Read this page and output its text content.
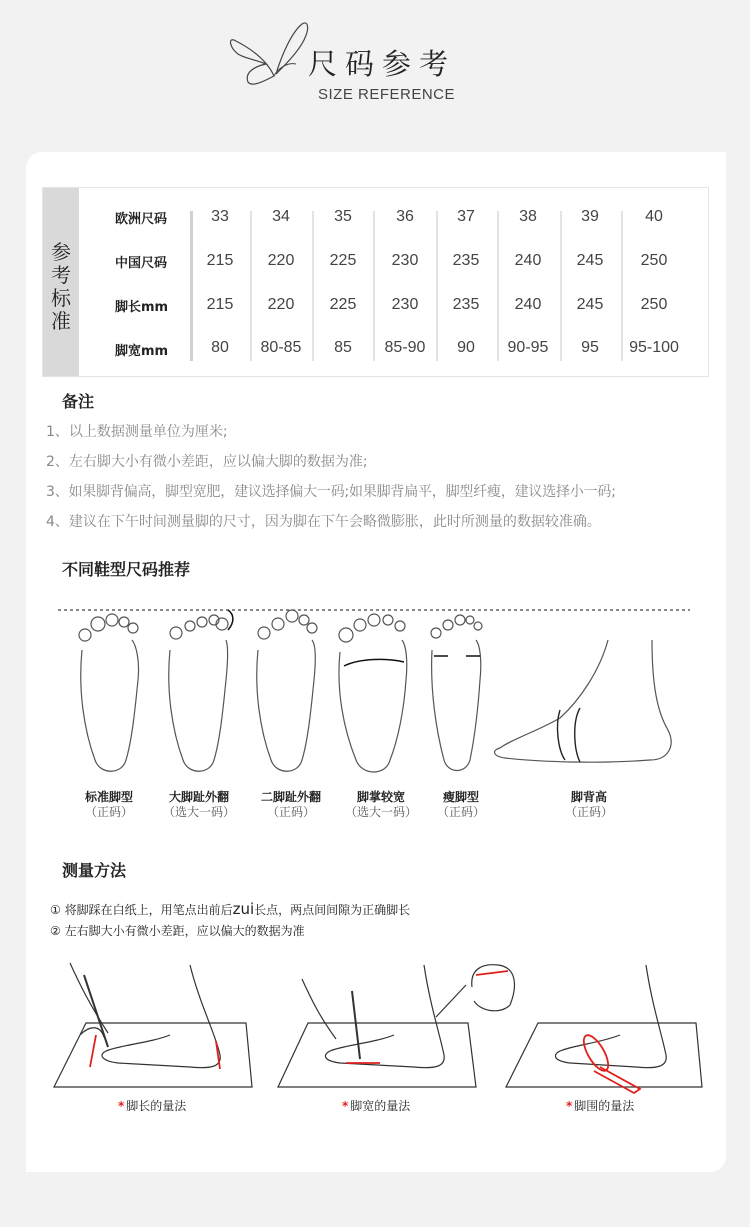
尺码参考
SIZE REFERENCE
参
考
标
准
欧洲尺码	33	34	35	36	37	38	39	40
中国尺码	215	220	225	230	235	240	245	250
脚长mm	215	220	225	230	235	240	245	250
脚宽mm	80	80-85	85	85-90	90	90-95	95	95-100
备注
1、以上数据测量单位为厘米;
2、左右脚大小有微小差距，应以偏大脚的数据为准;
3、如果脚背偏高，脚型宽肥，建议选择偏大一码;如果脚背扁平，脚型纤瘦，建议选择小一码;
4、建议在下午时间测量脚的尺寸，因为脚在下午会略微膨胀，此时所测量的数据较准确。
不同鞋型尺码推荐
标准脚型
（正码）
大脚趾外翻
（选大一码）
二脚趾外翻
（正码）
脚掌较宽
（选大一码）
瘦脚型
（正码）
脚背高
（正码）
测量方法
① 将脚踩在白纸上，用笔点出前后zui长点，两点间间隙为正确脚长
② 左右脚大小有微小差距，应以偏大的数据为准
* 脚长的量法	* 脚宽的量法	* 脚围的量法
